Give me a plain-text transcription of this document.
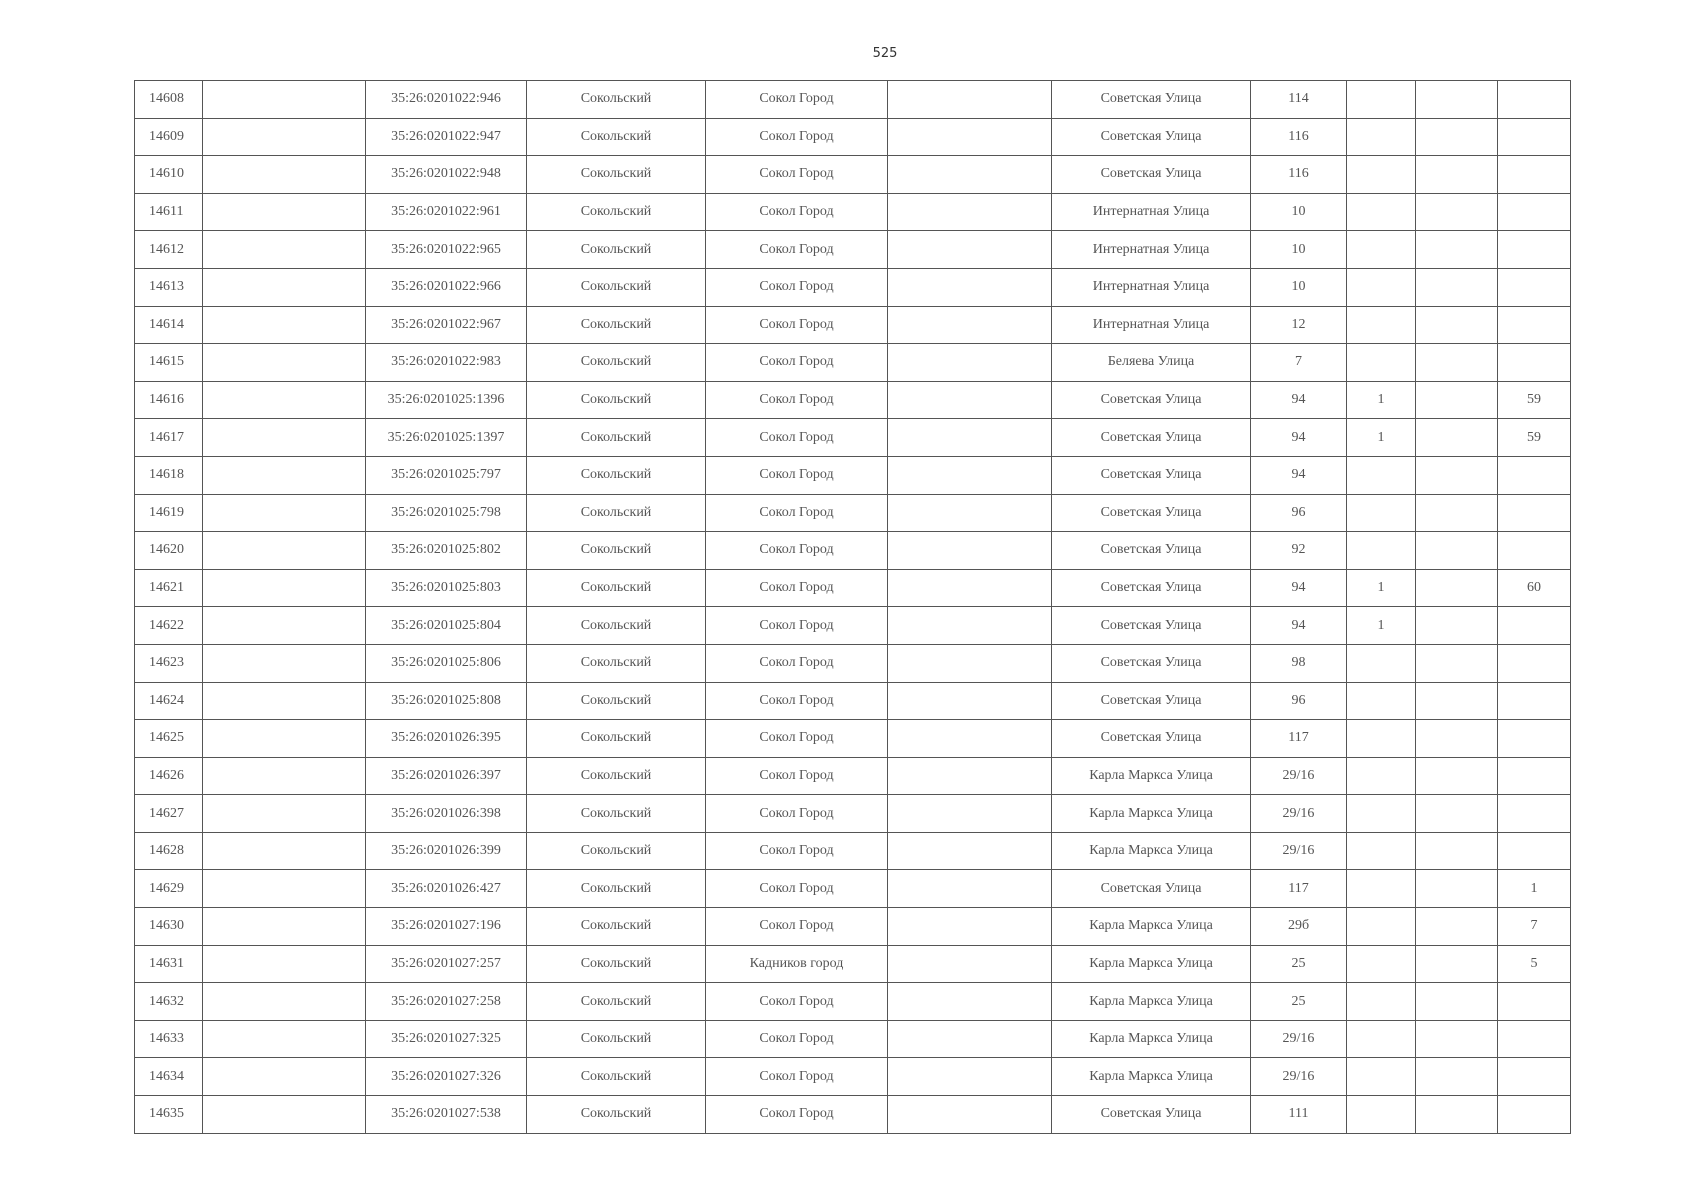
525
14608		35:26:0201022:946	Сокольский	Сокол Город		Советская Улица	114			
14609		35:26:0201022:947	Сокольский	Сокол Город		Советская Улица	116			
14610		35:26:0201022:948	Сокольский	Сокол Город		Советская Улица	116			
14611		35:26:0201022:961	Сокольский	Сокол Город		Интернатная Улица	10			
14612		35:26:0201022:965	Сокольский	Сокол Город		Интернатная Улица	10			
14613		35:26:0201022:966	Сокольский	Сокол Город		Интернатная Улица	10			
14614		35:26:0201022:967	Сокольский	Сокол Город		Интернатная Улица	12			
14615		35:26:0201022:983	Сокольский	Сокол Город		Беляева Улица	7			
14616		35:26:0201025:1396	Сокольский	Сокол Город		Советская Улица	94	1		59
14617		35:26:0201025:1397	Сокольский	Сокол Город		Советская Улица	94	1		59
14618		35:26:0201025:797	Сокольский	Сокол Город		Советская Улица	94			
14619		35:26:0201025:798	Сокольский	Сокол Город		Советская Улица	96			
14620		35:26:0201025:802	Сокольский	Сокол Город		Советская Улица	92			
14621		35:26:0201025:803	Сокольский	Сокол Город		Советская Улица	94	1		60
14622		35:26:0201025:804	Сокольский	Сокол Город		Советская Улица	94	1		
14623		35:26:0201025:806	Сокольский	Сокол Город		Советская Улица	98			
14624		35:26:0201025:808	Сокольский	Сокол Город		Советская Улица	96			
14625		35:26:0201026:395	Сокольский	Сокол Город		Советская Улица	117			
14626		35:26:0201026:397	Сокольский	Сокол Город		Карла Маркса Улица	29/16			
14627		35:26:0201026:398	Сокольский	Сокол Город		Карла Маркса Улица	29/16			
14628		35:26:0201026:399	Сокольский	Сокол Город		Карла Маркса Улица	29/16			
14629		35:26:0201026:427	Сокольский	Сокол Город		Советская Улица	117			1
14630		35:26:0201027:196	Сокольский	Сокол Город		Карла Маркса Улица	29б			7
14631		35:26:0201027:257	Сокольский	Кадников город		Карла Маркса Улица	25			5
14632		35:26:0201027:258	Сокольский	Сокол Город		Карла Маркса Улица	25			
14633		35:26:0201027:325	Сокольский	Сокол Город		Карла Маркса Улица	29/16			
14634		35:26:0201027:326	Сокольский	Сокол Город		Карла Маркса Улица	29/16			
14635		35:26:0201027:538	Сокольский	Сокол Город		Советская Улица	111			
